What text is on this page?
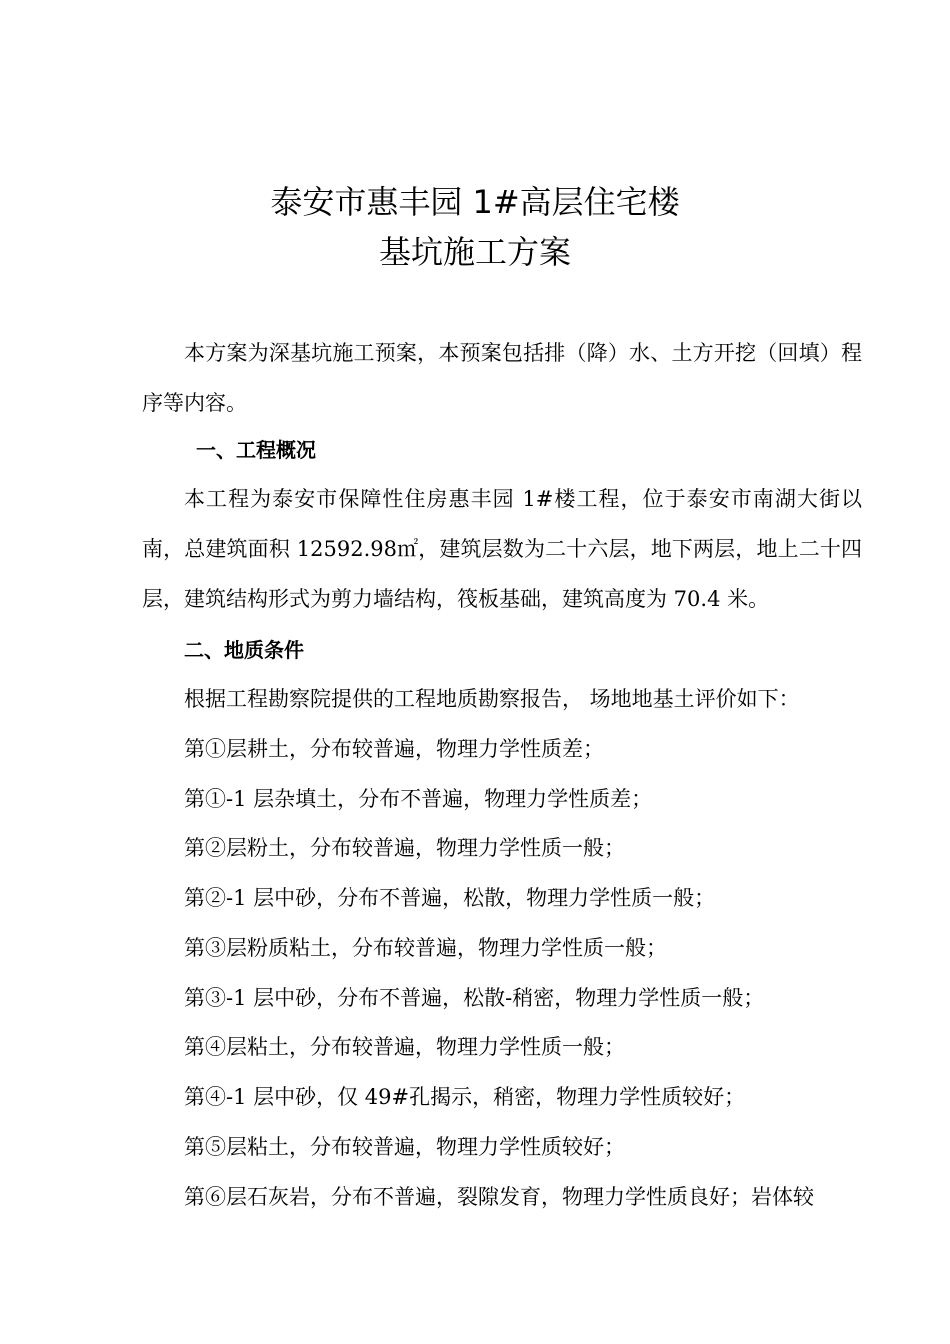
泰安市惠丰园 1#高层住宅楼
基坑施工方案

本方案为深基坑施工预案，本预案包括排（降）水、土方开挖（回填）程序等内容。

一、工程概况

本工程为泰安市保障性住房惠丰园 1#楼工程，位于泰安市南湖大街以南，总建筑面积 12592.98㎡，建筑层数为二十六层，地下两层，地上二十四层，建筑结构形式为剪力墙结构，筏板基础，建筑高度为 70.4 米。

二、地质条件
根据工程勘察院提供的工程地质勘察报告， 场地地基土评价如下：
第①层耕土，分布较普遍，物理力学性质差；
第①-1 层杂填土，分布不普遍，物理力学性质差；
第②层粉土，分布较普遍，物理力学性质一般；
第②-1 层中砂，分布不普遍，松散，物理力学性质一般；
第③层粉质粘土，分布较普遍，物理力学性质一般；
第③-1 层中砂，分布不普遍，松散-稍密，物理力学性质一般；
第④层粘土，分布较普遍，物理力学性质一般；
第④-1 层中砂，仅 49#孔揭示，稍密，物理力学性质较好；
第⑤层粘土，分布较普遍，物理力学性质较好；
第⑥层石灰岩，分布不普遍，裂隙发育，物理力学性质良好；岩体较
